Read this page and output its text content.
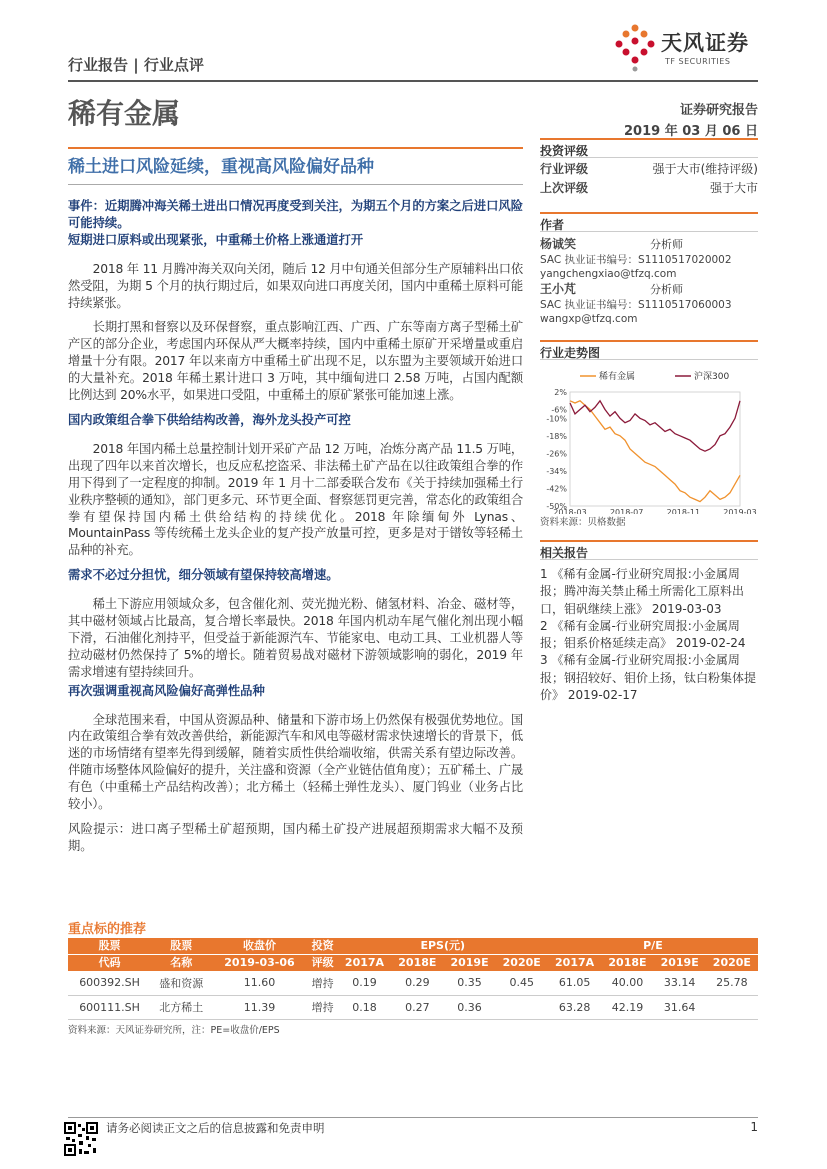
行业报告 | 行业点评
天风证券
TF SECURITIES
稀有金属	证券研究报告
2019 年 03 月 06 日
稀土进口风险延续，重视高风险偏好品种

事件：近期腾冲海关稀土进出口情况再度受到关注，为期五个月的方案之后进口风险可能持续。

短期进口原料或出现紧张，中重稀土价格上涨通道打开

2018 年 11 月腾冲海关双向关闭，随后 12 月中旬通关但部分生产原辅料出口依然受阻，为期 5 个月的执行期过后，如果双向进口再度关闭，国内中重稀土原料可能持续紧张。

长期打黑和督察以及环保督察，重点影响江西、广西、广东等南方离子型稀土矿产区的部分企业，考虑国内环保从严大概率持续，国内中重稀土原矿开采增量或重启增量十分有限。2017 年以来南方中重稀土矿出现不足，以东盟为主要领域开始进口的大量补充。2018 年稀土累计进口 3 万吨，其中缅甸进口 2.58 万吨，占国内配额比例达到 20%水平，如果进口受阻，中重稀土的原矿紧张可能加速上涨。

国内政策组合拳下供给结构改善，海外龙头投产可控

2018 年国内稀土总量控制计划开采矿产品 12 万吨，冶炼分离产品 11.5 万吨，出现了四年以来首次增长，也反应私挖盗采、非法稀土矿产品在以往政策组合拳的作用下得到了一定程度的抑制。2019 年 1 月十二部委联合发布《关于持续加强稀土行业秩序整顿的通知》，部门更多元、环节更全面、督察惩罚更完善，常态化的政策组合拳有望保持国内稀土供给结构的持续优化。2018 年除缅甸外 Lynas、MountainPass 等传统稀土龙头企业的复产投产放量可控，更多是对于镨钕等轻稀土品种的补充。

需求不必过分担忧，细分领域有望保持较高增速。

稀土下游应用领域众多，包含催化剂、荧光抛光粉、储氢材料、冶金、磁材等，其中磁材领域占比最高，复合增长率最快。2018 年国内机动车尾气催化剂出现小幅下滑，石油催化剂持平，但受益于新能源汽车、节能家电、电动工具、工业机器人等拉动磁材仍然保持了 5%的增长。随着贸易战对磁材下游领域影响的弱化，2019 年需求增速有望持续回升。

再次强调重视高风险偏好高弹性品种

全球范围来看，中国从资源品种、储量和下游市场上仍然保有极强优势地位。国内在政策组合拳有效改善供给，新能源汽车和风电等磁材需求快速增长的背景下，低迷的市场情绪有望率先得到缓解，随着实质性供给端收缩，供需关系有望边际改善。伴随市场整体风险偏好的提升，关注盛和资源（全产业链估值角度）；五矿稀土、广晟有色（中重稀土产品结构改善）；北方稀土（轻稀土弹性龙头）、厦门钨业（业务占比较小）。

风险提示：进口离子型稀土矿超预期，国内稀土矿投产进展超预期需求大幅不及预期。

投资评级
行业评级	强于大市(维持评级)
上次评级	强于大市
作者
杨诚笑	分析师
SAC 执业证书编号：S1110517020002
yangchengxiao@tfzq.com
王小芃	分析师
SAC 执业证书编号：S1110517060003
wangxp@tfzq.com
行业走势图
2%
-6%
-10%
-18%
-26%
-34%
-42%
-50%
2018-03	2018-07	2018-11	2019-03
稀有金属	沪深300
资料来源：贝格数据
相关报告
1 《稀有金属-行业研究周报:小金属周报；腾冲海关禁止稀土所需化工原料出口，钼矾继续上涨》 2019-03-03
2 《稀有金属-行业研究周报:小金属周报；钼系价格延续走高》 2019-02-24
3 《稀有金属-行业研究周报:小金属周报；钢招较好、钼价上扬，钛白粉集体提价》 2019-02-17
重点标的推荐
股票	股票	收盘价	投资	EPS(元)				P/E			
代码	名称	2019-03-06	评级	2017A	2018E	2019E	2020E	2017A	2018E	2019E	2020E
600392.SH	盛和资源	11.60	增持	0.19	0.29	0.35	0.45	61.05	40.00	33.14	25.78
600111.SH	北方稀土	11.39	增持	0.18	0.27	0.36		63.28	42.19	31.64	
资料来源：天风证券研究所，注：PE=收盘价/EPS
请务必阅读正文之后的信息披露和免责申明	1
